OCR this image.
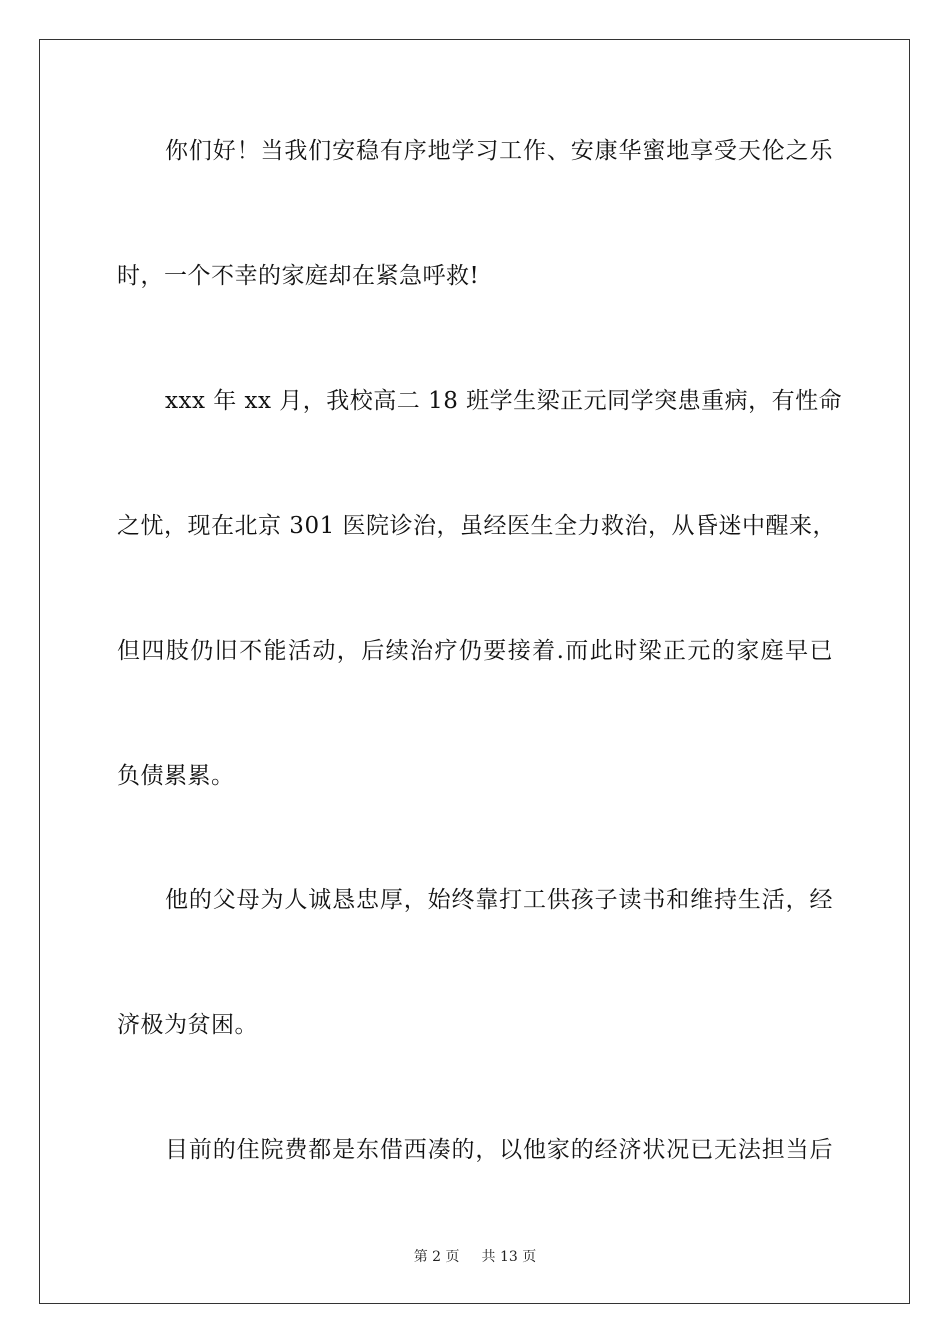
你们好！当我们安稳有序地学习工作、安康华蜜地享受天伦之乐
时，一个不幸的家庭却在紧急呼救!
xxx 年 xx 月，我校高二 18 班学生梁正元同学突患重病，有性命
之忧，现在北京 301 医院诊治，虽经医生全力救治，从昏迷中醒来，
但四肢仍旧不能活动，后续治疗仍要接着.而此时梁正元的家庭早已
负债累累。
他的父母为人诚恳忠厚，始终靠打工供孩子读书和维持生活，经
济极为贫困。
目前的住院费都是东借西凑的，以他家的经济状况已无法担当后
第 2 页 共 13 页
